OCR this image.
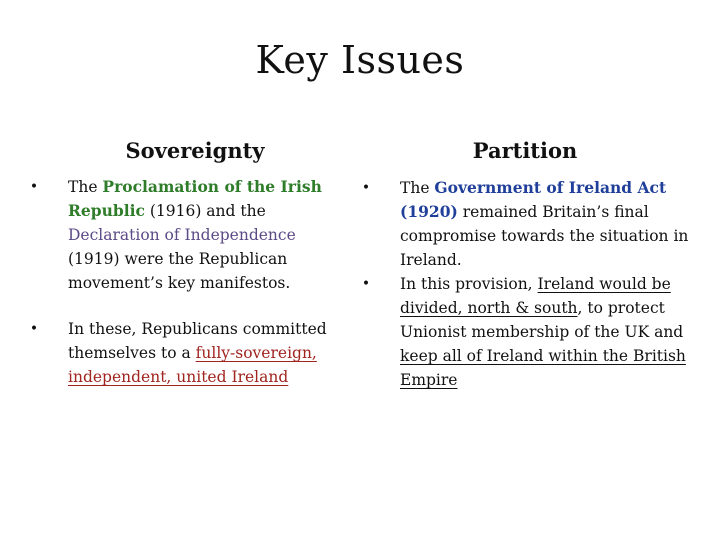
Key Issues
Sovereignty	Partition
• The Proclamation of the Irish Republic (1916) and the Declaration of Independence (1919) were the Republican movement’s key manifestos.
• In these, Republicans committed themselves to a fully-sovereign, independent, united Ireland
• The Government of Ireland Act (1920) remained Britain’s final compromise towards the situation in Ireland.
• In this provision, Ireland would be divided, north & south, to protect Unionist membership of the UK and keep all of Ireland within the British Empire
